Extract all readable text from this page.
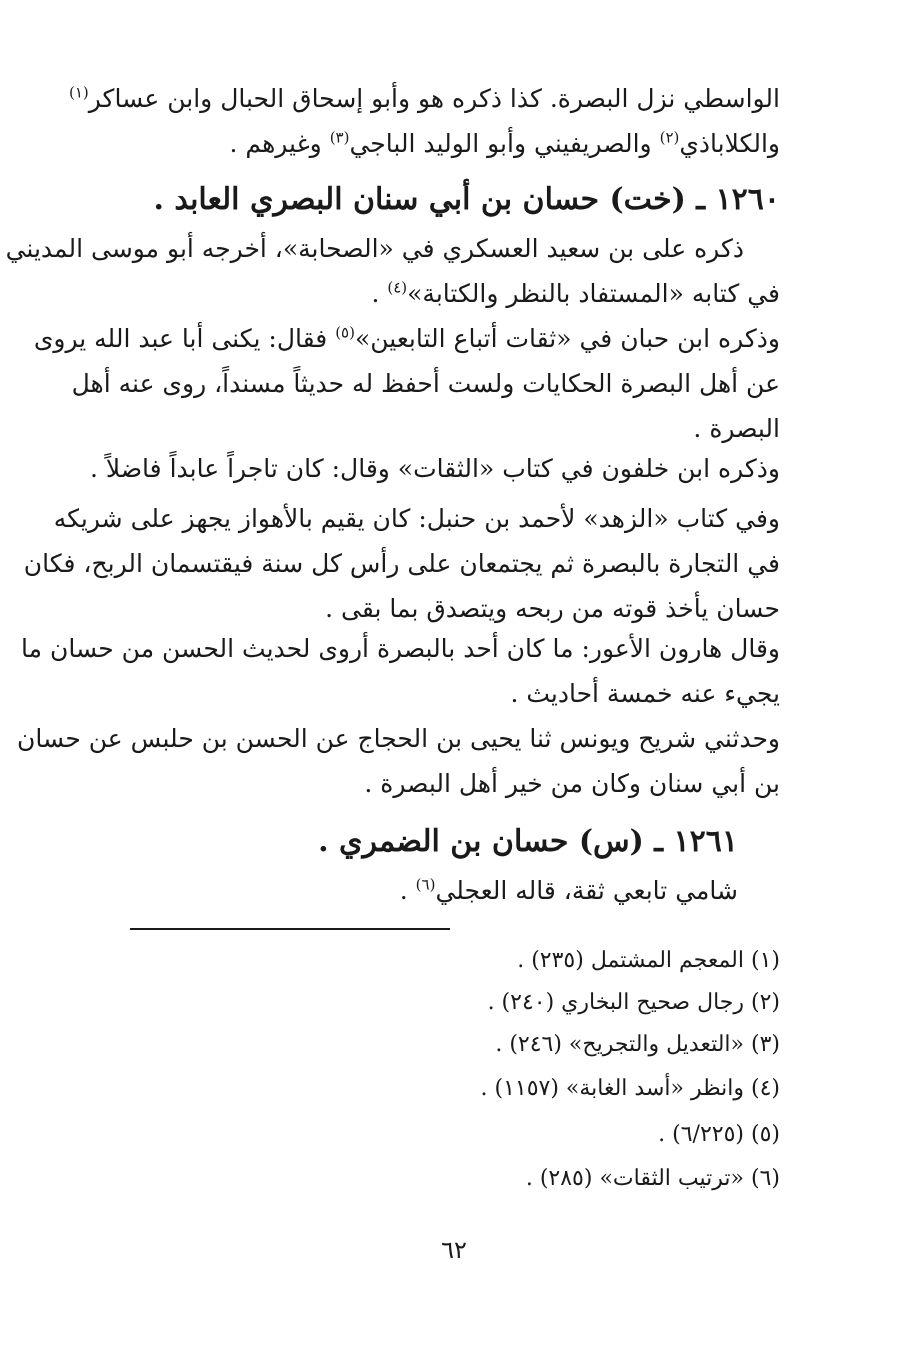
الواسطي نزل البصرة. كذا ذكره هو وأبو إسحاق الحبال وابن عساكر$^{(١)}$
والكلاباذي$^{(٢)}$ والصريفيني وأبو الوليد الباجي$^{(٣)}$ وغيرهم .
١٢٦٠ ـ (خت) حسان بن أبي سنان البصري العابد .
ذكره على بن سعيد العسكري في «الصحابة»، أخرجه أبو موسى المديني
في كتابه «المستفاد بالنظر والكتابة»$^{(٤)}$ .
وذكره ابن حبان في «ثقات أتباع التابعين»$^{(٥)}$ فقال: يكنى أبا عبد الله يروى
عن أهل البصرة الحكايات ولست أحفظ له حديثاً مسنداً، روى عنه أهل
البصرة .
وذكره ابن خلفون في كتاب «الثقات» وقال: كان تاجراً عابداً فاضلاً .
وفي كتاب «الزهد» لأحمد بن حنبل: كان يقيم بالأهواز يجهز على شريكه
في التجارة بالبصرة ثم يجتمعان على رأس كل سنة فيقتسمان الربح، فكان
حسان يأخذ قوته من ربحه ويتصدق بما بقى .
وقال هارون الأعور: ما كان أحد بالبصرة أروى لحديث الحسن من حسان ما
يجيء عنه خمسة أحاديث .
وحدثني شريح ويونس ثنا يحيى بن الحجاج عن الحسن بن حلبس عن حسان
بن أبي سنان وكان من خير أهل البصرة .
١٢٦١ ـ (س) حسان بن الضمري .
شامي تابعي ثقة، قاله العجلي$^{(٦)}$ .
(١) المعجم المشتمل (٢٣٥) .
(٢) رجال صحيح البخاري (٢٤٠) .
(٣) «التعديل والتجريح» (٢٤٦) .
(٤) وانظر «أسد الغابة» (١١٥٧) .
(٥) (٦/٢٢٥) .
(٦) «ترتيب الثقات» (٢٨٥) .
٦٢
